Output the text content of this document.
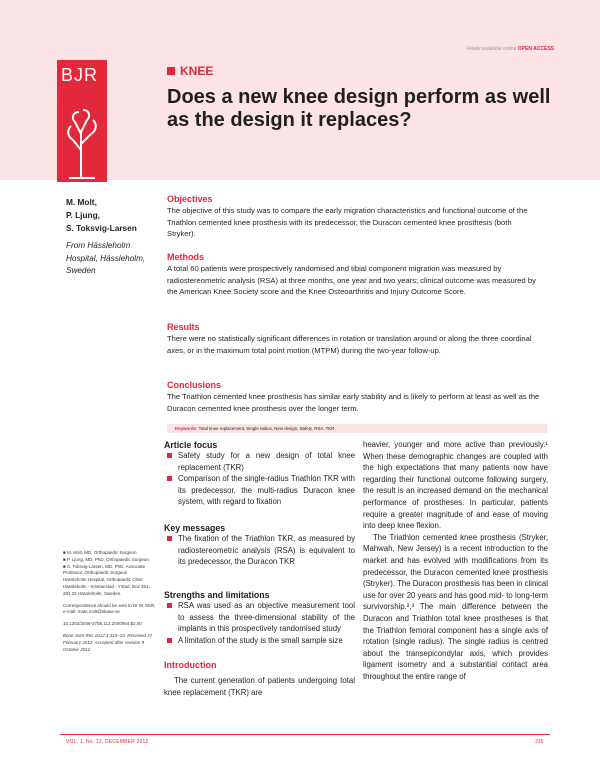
BJR
Freely available online OPEN ACCESS
KNEE
Does a new knee design perform as well as the design it replaces?
M. Molt,
P. Ljung,
S. Toksvig-Larsen
From Hässleholm
Hospital, Hässleholm,
Sweden

Objectives

The objective of this study was to compare the early migration characteristics and functional outcome of the Triathlon cemented knee prosthesis with its predecessor, the Duracon cemented knee prosthesis (both Stryker).

Methods

A total 60 patients were prospectively randomised and tibial component migration was measured by radiostereometric analysis (RSA) at three months, one year and two years; clinical outcome was measured by the American Knee Society score and the Knee Osteoarthritis and Injury Outcome Score.

Results

There were no statistically significant differences in rotation or translation around or along the three coordinal axes, or in the maximum total point motion (MTPM) during the two-year follow-up.

Conclusions

The Triathlon cemented knee prosthesis has similar early stability and is likely to perform at least as well as the Duracon cemented knee prosthesis over the longer term.

Keywords: Total knee replacement, Single radius, New design, Safety, RSA, TKR

Article focus

Safety study for a new design of total knee replacement (TKR)
Comparison of the single-radius Triathlon TKR with its predecessor, the multi-radius Duracon knee system, with regard to fixation

Key messages

The fixation of the Triathlon TKR, as measured by radiostereometric analysis (RSA) is equivalent to its predecessor, the Duracon TKR

Strengths and limitations

RSA was used as an objective measurement tool to assess the three-dimensional stability of the implants in this prospectively randomised study
A limitation of the study is the small sample size
Introduction

The current generation of patients undergoing total knee replacement (TKR) are

heavier, younger and more active than previously.¹ When these demographic changes are coupled with the high expectations that many patients now have regarding their functional outcome following surgery, the result is an increased demand on the mechanical performance of prostheses. In particular, patients require a greater magnitude of and ease of moving into deep knee flexion.

The Triathlon cemented knee prosthesis (Stryker, Mahwah, New Jersey) is a recent introduction to the market and has evolved with modifications from its predecessor, the Duracon cemented knee prosthesis (Stryker). The Duracon prosthesis has been in clinical use for over 20 years and has good mid- to long-term survivorship.²,³ The main difference between the Duracon and Triathlon total knee prostheses is that the Triathlon femoral component has a single axis of rotation (single radius). The single radius is centred about the transepicondylar axis, which provides ligament isometry and a substantial contact area throughout the entire range of

■ M. Molt, MD, Orthopaedic Surgeon
■ P. Ljung, MD, PhD, Orthopaedic Surgeon
■ S. Toksvig-Larsen, MD, PhD, Associate Professor, Orthopaedic Surgeon
Hässleholm Hospital, Orthopaedic Clinic Hässleholm - Kristianstad - Ystad, Box 351, 281 25 Hässleholm, Sweden.

Correspondence should be sent to Dr M. Molt; e-mail: mats.molt@skane.se

10.1302/2046-3758.112.2000064 $2.00

Bone Joint Res 2012;1:315–23. Received 27 February 2012; Accepted after revision 9 October 2012

VOL. 1, No. 12, DECEMBER 2012	315
